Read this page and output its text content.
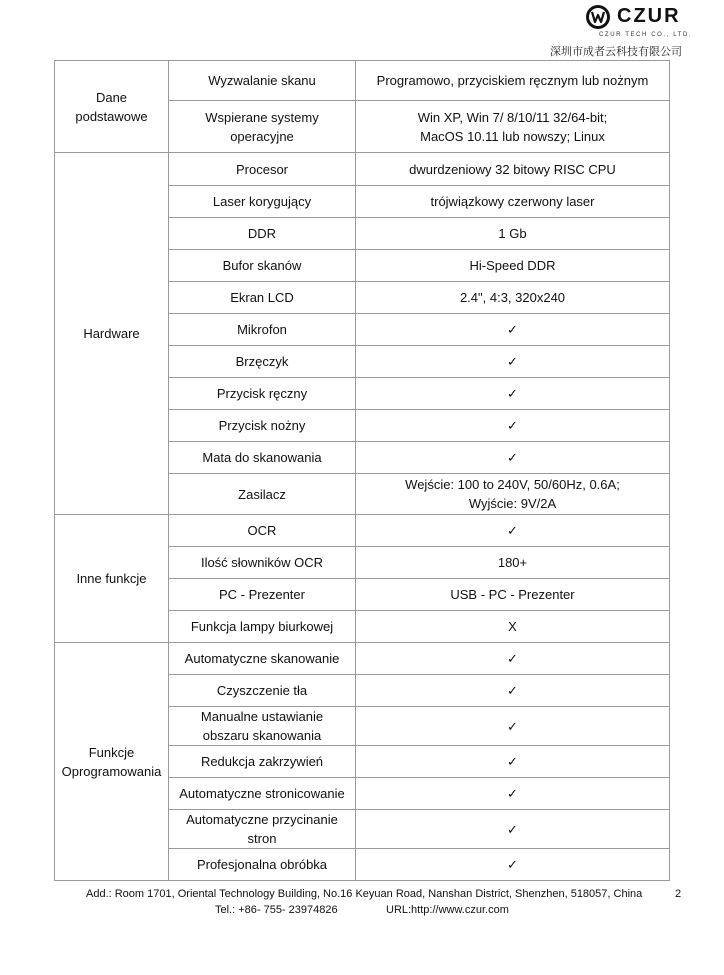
CZUR
CZUR TECH CO., LTD.
深圳市成者云科技有限公司
Dane podstawowe	Wyzwalanie skanu	Programowo, przyciskiem ręcznym lub nożnym
	Wspierane systemy operacyjne	Win XP, Win 7/ 8/10/11 32/64-bit;
MacOS 10.11 lub nowszy; Linux
Hardware	Procesor	dwurdzeniowy 32 bitowy RISC CPU
	Laser korygujący	trójwiązkowy czerwony laser
	DDR	1 Gb
	Bufor skanów	Hi-Speed DDR
	Ekran LCD	2.4", 4:3, 320x240
	Mikrofon	✓
	Brzęczyk	✓
	Przycisk ręczny	✓
	Przycisk nożny	✓
	Mata do skanowania	✓
	Zasilacz	Wejście: 100 to 240V, 50/60Hz, 0.6A;
Wyjście: 9V/2A
Inne funkcje	OCR	✓
	Ilość słowników OCR	180+
	PC - Prezenter	USB - PC - Prezenter
	Funkcja lampy biurkowej	X
Funkcje
Oprogramowania	Automatyczne skanowanie	✓
	Czyszczenie tła	✓
	Manualne ustawianie
obszaru skanowania	✓
	Redukcja zakrzywień	✓
	Automatyczne stronicowanie	✓
	Automatyczne przycinanie
stron	✓
	Profesjonalna obróbka	✓
Add.: Room 1701, Oriental Technology Building, No.16 Keyuan Road, Nanshan District, Shenzhen, 518057, China	2
Tel.: +86- 755- 23974826	URL:http://www.czur.com
